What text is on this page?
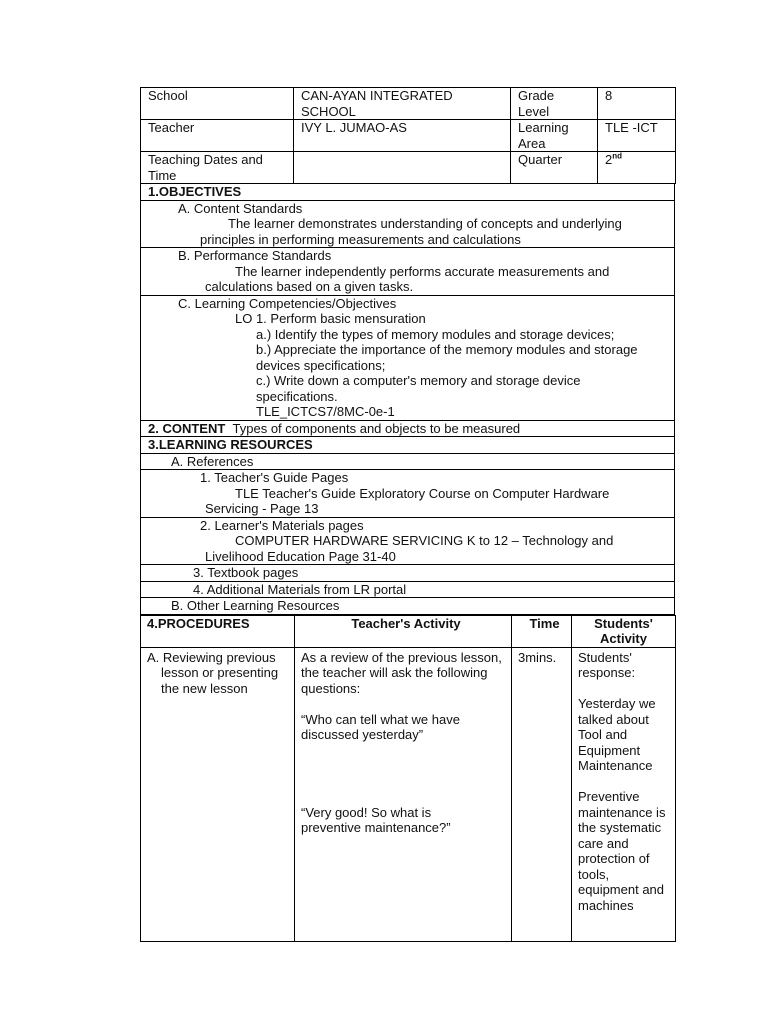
School	CAN-AYAN INTEGRATED SCHOOL	Grade Level	8
Teacher	IVY L. JUMAO-AS	Learning Area	TLE -ICT
Teaching Dates and Time		Quarter	2nd
1.OBJECTIVES

A. Content Standards
The learner demonstrates understanding of concepts and underlying
principles in performing measurements and calculations

B. Performance Standards
The learner independently performs accurate measurements and
calculations based on a given tasks.

C. Learning Competencies/Objectives
LO 1. Perform basic mensuration
a.) Identify the types of memory modules and storage devices;
b.) Appreciate the importance of the memory modules and storage devices specifications;
c.) Write down a computer's memory and storage device specifications.
TLE_ICTCS7/8MC-0e-1

2. CONTENT Types of components and objects to be measured
3.LEARNING RESOURCES
A. References

1. Teacher's Guide Pages
TLE Teacher's Guide Exploratory Course on Computer Hardware
Servicing - Page 13

2. Learner's Materials pages
COMPUTER HARDWARE SERVICING K to 12 – Technology and
Livelihood Education Page 31-40

3. Textbook pages
4. Additional Materials from LR portal
B. Other Learning Resources
4.PROCEDURES	Teacher's Activity	Time	Students' Activity

A. Reviewing previous lesson or presenting the new lesson	As a review of the previous lesson, the teacher will ask the following questions:
“Who can tell what we have discussed yesterday”
“Very good! So what is preventive maintenance?”	3mins.	Students' response:
Yesterday we talked about Tool and Equipment Maintenance
Preventive maintenance is the systematic care and protection of tools, equipment and machines
